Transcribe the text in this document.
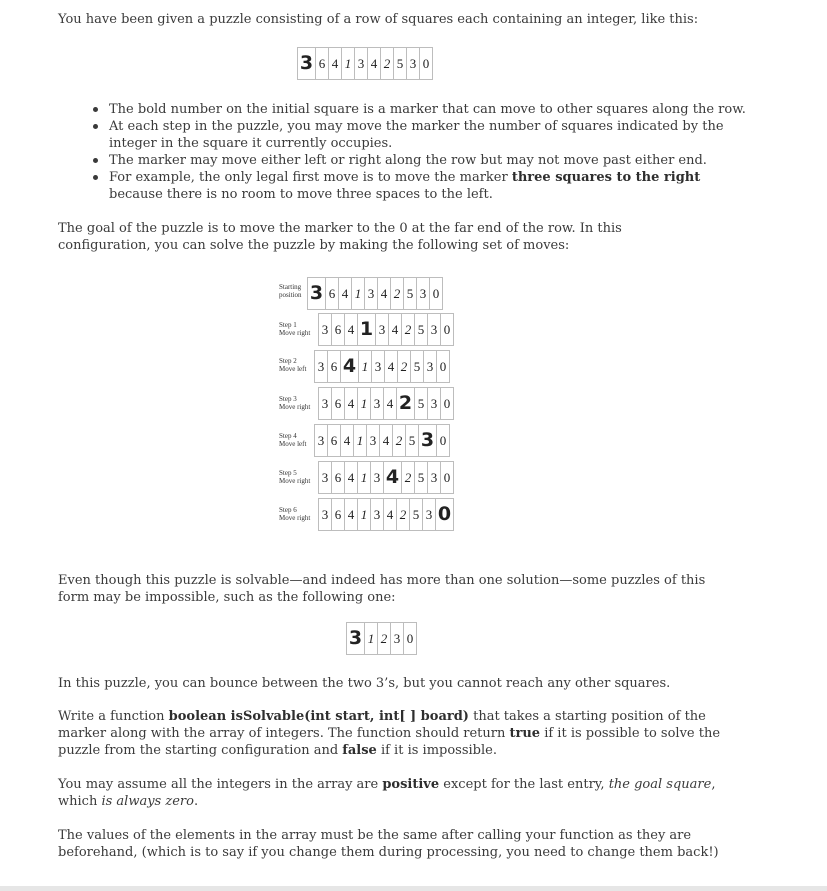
You have been given a puzzle consisting of a row of squares each containing an integer, like this:

The bold number on the initial square is a marker that can move to other squares along the row.
At each step in the puzzle, you may move the marker the number of squares indicated by the integer in the square it currently occupies.
The marker may move either left or right along the row but may not move past either end.
For example, the only legal first move is to move the marker three squares to the right because there is no room to move three spaces to the left.

The goal of the puzzle is to move the marker to the 0 at the far end of the row. In this configuration, you can solve the puzzle by making the following set of moves:

Even though this puzzle is solvable—and indeed has more than one solution—some puzzles of this form may be impossible, such as the following one:

In this puzzle, you can bounce between the two 3’s, but you cannot reach any other squares.

Write a function boolean isSolvable(int start, int[ ] board) that takes a starting position of the marker along with the array of integers. The function should return true if it is possible to solve the puzzle from the starting configuration and false if it is impossible.

You may assume all the integers in the array are positive except for the last entry, the goal square, which is always zero.

The values of the elements in the array must be the same after calling your function as they are beforehand, (which is to say if you change them during processing, you need to change them back!)

3 6 4 1 3 4 2 5 3 0
Starting
position 3 6 4 1 3 4 2 5 3 0
Step 1
Move right 3 6 4 1 3 4 2 5 3 0
Step 2
Move left 3 6 4 1 3 4 2 5 3 0
Step 3
Move right 3 6 4 1 3 4 2 5 3 0
Step 4
Move left 3 6 4 1 3 4 2 5 3 0
Step 5
Move right 3 6 4 1 3 4 2 5 3 0
Step 6
Move right 3 6 4 1 3 4 2 5 3 0
3 1 2 3 0
